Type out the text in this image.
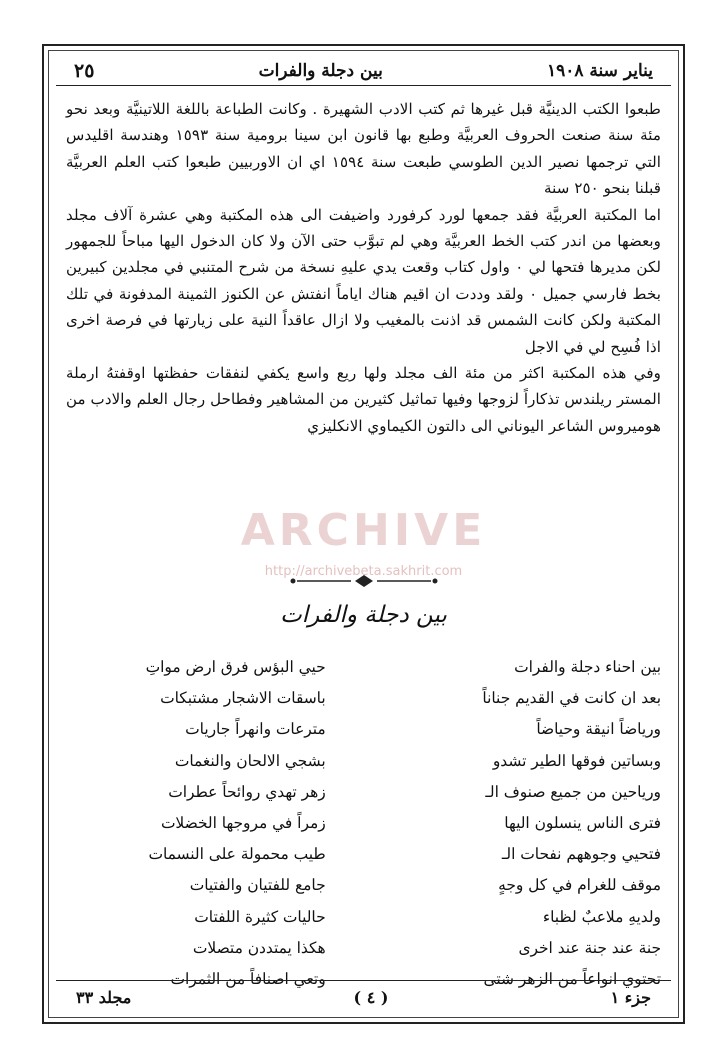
يناير سنة ١٩٠٨
بين دجلة والفرات
٢٥

طبعوا الكتب الدينيَّة قبل غيرها ثم كتب الادب الشهيرة . وكانت الطباعة باللغة اللاتينيَّة وبعد نحو مئة سنة صنعت الحروف العربيَّة وطبع بها قانون ابن سينا برومية سنة ١٥٩٣ وهندسة اقليدس التي ترجمها نصير الدين الطوسي طبعت سنة ١٥٩٤ اي ان الاوربيين طبعوا كتب العلم العربيَّة قبلنا بنحو ٢٥٠ سنة

اما المكتبة العربيَّة فقد جمعها لورد كرفورد واضيفت الى هذه المكتبة وهي عشرة آلاف مجلد وبعضها من اندر كتب الخط العربيَّة وهي لم تبوَّب حتى الآن ولا كان الدخول اليها مباحاً للجمهور لكن مديرها فتحها لي ٠ واول كتاب وقعت يدي عليهِ نسخة من شرح المتنبي في مجلدين كبيرين بخط فارسي جميل ٠ ولقد وددت ان اقيم هناك اياماً انفتش عن الكنوز الثمينة المدفونة في تلك المكتبة ولكن كانت الشمس قد اذنت بالمغيب ولا ازال عاقداً النية على زيارتها في فرصة اخرى اذا فُسِح لي في الاجل

وفي هذه المكتبة اكثر من مئة الف مجلد ولها ريع واسع يكفي لنفقات حفظتها اوقفتهُ ارملة المستر ريلندس تذكاراً لزوجها وفيها تماثيل كثيرين من المشاهير وفطاحل رجال العلم والادب من هوميروس الشاعر اليوناني الى دالتون الكيماوي الانكليزي

بين دجلة والفرات
بين احناء دجلة والفرات
حيي البؤس فرق ارض مواتِ
بعد ان كانت في القديم جناناً
باسقات الاشجار مشتبكات
ورياضاً انيقة وحياضاً
مترعات وانهراً جاريات
وبساتين فوقها الطير تشدو
بشجي الالحان والنغمات
ورياحين من جميع صنوف الـ
زهر تهدي روائحاً عطرات
فترى الناس ينسلون اليها
زمراً في مروجها الخضلات
فتحيي وجوههم نفحات الـ
طيب محمولة على النسمات
موقف للغرام في كل وجهٍ
جامع للفتيان والفتيات
ولديهِ ملاعبٌ لظباء
حاليات كثيرة اللفتات
جنة عند جنة عند اخرى
هكذا يمتددن متصلات
تحتوي انواعاً من الزهر شتى
وتعي اصنافاً من الثمرات
جزء ١
( ٤ )
مجلد ٣٣
ARCHIVE
http://archivebeta.sakhrit.com
